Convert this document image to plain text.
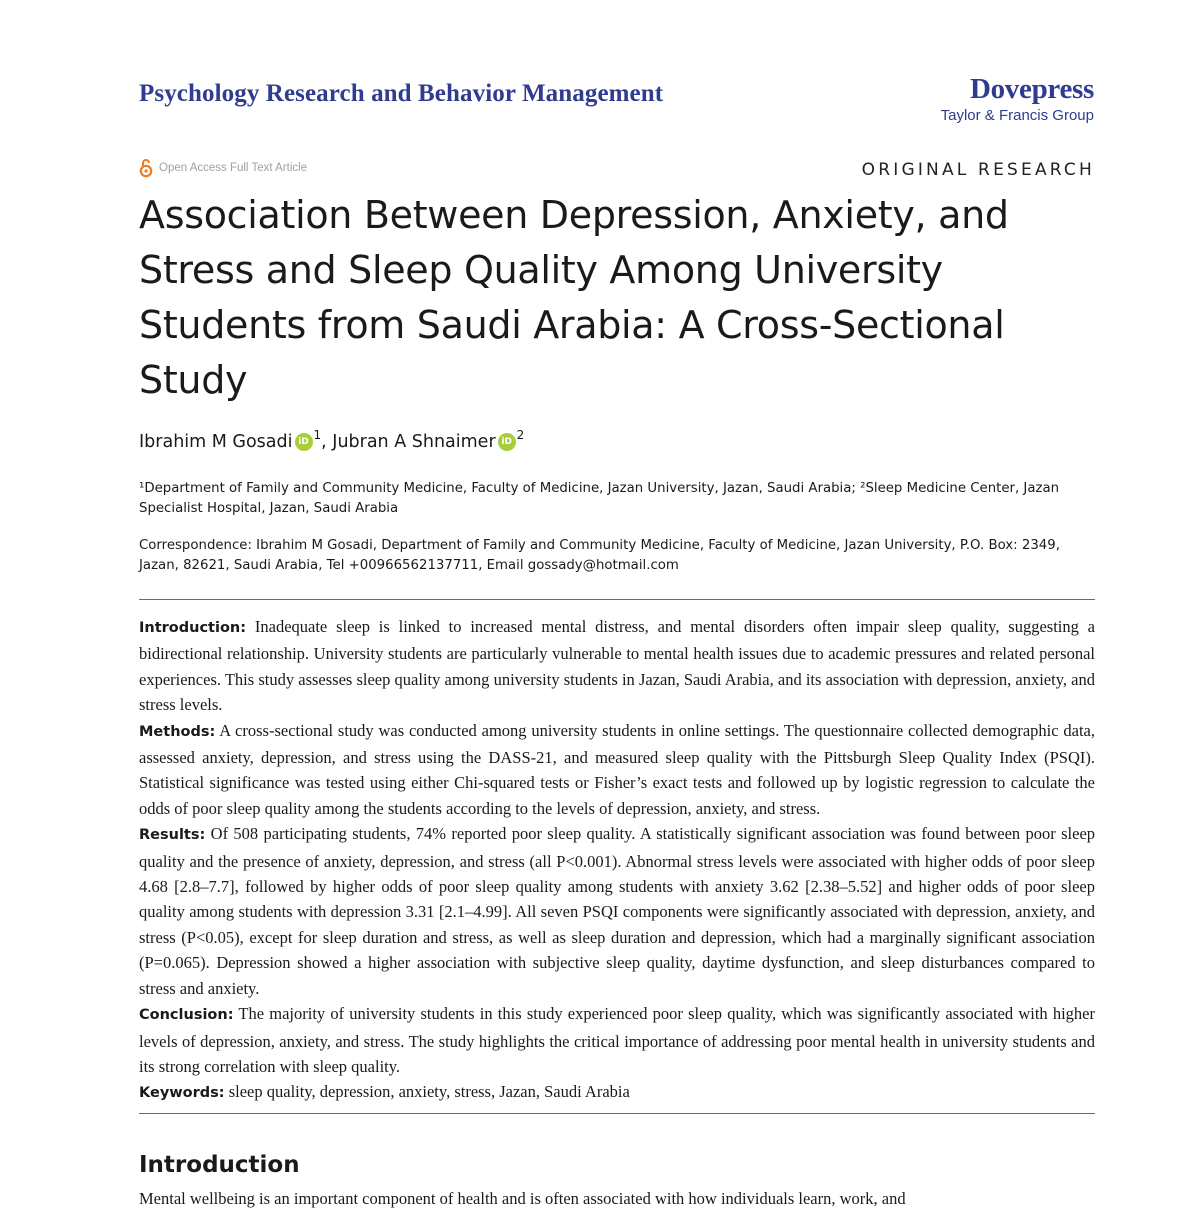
Psychology Research and Behavior Management	Dovepress
Taylor & Francis Group
Open Access Full Text Article	ORIGINAL RESEARCH
Association Between Depression, Anxiety, and Stress and Sleep Quality Among University Students from Saudi Arabia: A Cross-Sectional Study
Ibrahim M Gosadi iD 1 , Jubran A Shnaimer iD 2
¹Department of Family and Community Medicine, Faculty of Medicine, Jazan University, Jazan, Saudi Arabia; ²Sleep Medicine Center, Jazan Specialist Hospital, Jazan, Saudi Arabia
Correspondence: Ibrahim M Gosadi, Department of Family and Community Medicine, Faculty of Medicine, Jazan University, P.O. Box: 2349, Jazan, 82621, Saudi Arabia, Tel +00966562137711, Email gossady@hotmail.com

Introduction: Inadequate sleep is linked to increased mental distress, and mental disorders often impair sleep quality, suggesting a bidirectional relationship. University students are particularly vulnerable to mental health issues due to academic pressures and related personal experiences. This study assesses sleep quality among university students in Jazan, Saudi Arabia, and its association with depression, anxiety, and stress levels.

Methods: A cross-sectional study was conducted among university students in online settings. The questionnaire collected demographic data, assessed anxiety, depression, and stress using the DASS-21, and measured sleep quality with the Pittsburgh Sleep Quality Index (PSQI). Statistical significance was tested using either Chi-squared tests or Fisher’s exact tests and followed up by logistic regression to calculate the odds of poor sleep quality among the students according to the levels of depression, anxiety, and stress.

Results: Of 508 participating students, 74% reported poor sleep quality. A statistically significant association was found between poor sleep quality and the presence of anxiety, depression, and stress (all P<0.001). Abnormal stress levels were associated with higher odds of poor sleep 4.68 [2.8–7.7], followed by higher odds of poor sleep quality among students with anxiety 3.62 [2.38–5.52] and higher odds of poor sleep quality among students with depression 3.31 [2.1–4.99]. All seven PSQI components were significantly associated with depression, anxiety, and stress (P<0.05), except for sleep duration and stress, as well as sleep duration and depression, which had a marginally significant association (P=0.065). Depression showed a higher association with subjective sleep quality, daytime dysfunction, and sleep disturbances compared to stress and anxiety.

Conclusion: The majority of university students in this study experienced poor sleep quality, which was significantly associated with higher levels of depression, anxiety, and stress. The study highlights the critical importance of addressing poor mental health in university students and its strong correlation with sleep quality.

Keywords: sleep quality, depression, anxiety, stress, Jazan, Saudi Arabia

Introduction
Mental wellbeing is an important component of health and is often associated with how individuals learn, work, and
